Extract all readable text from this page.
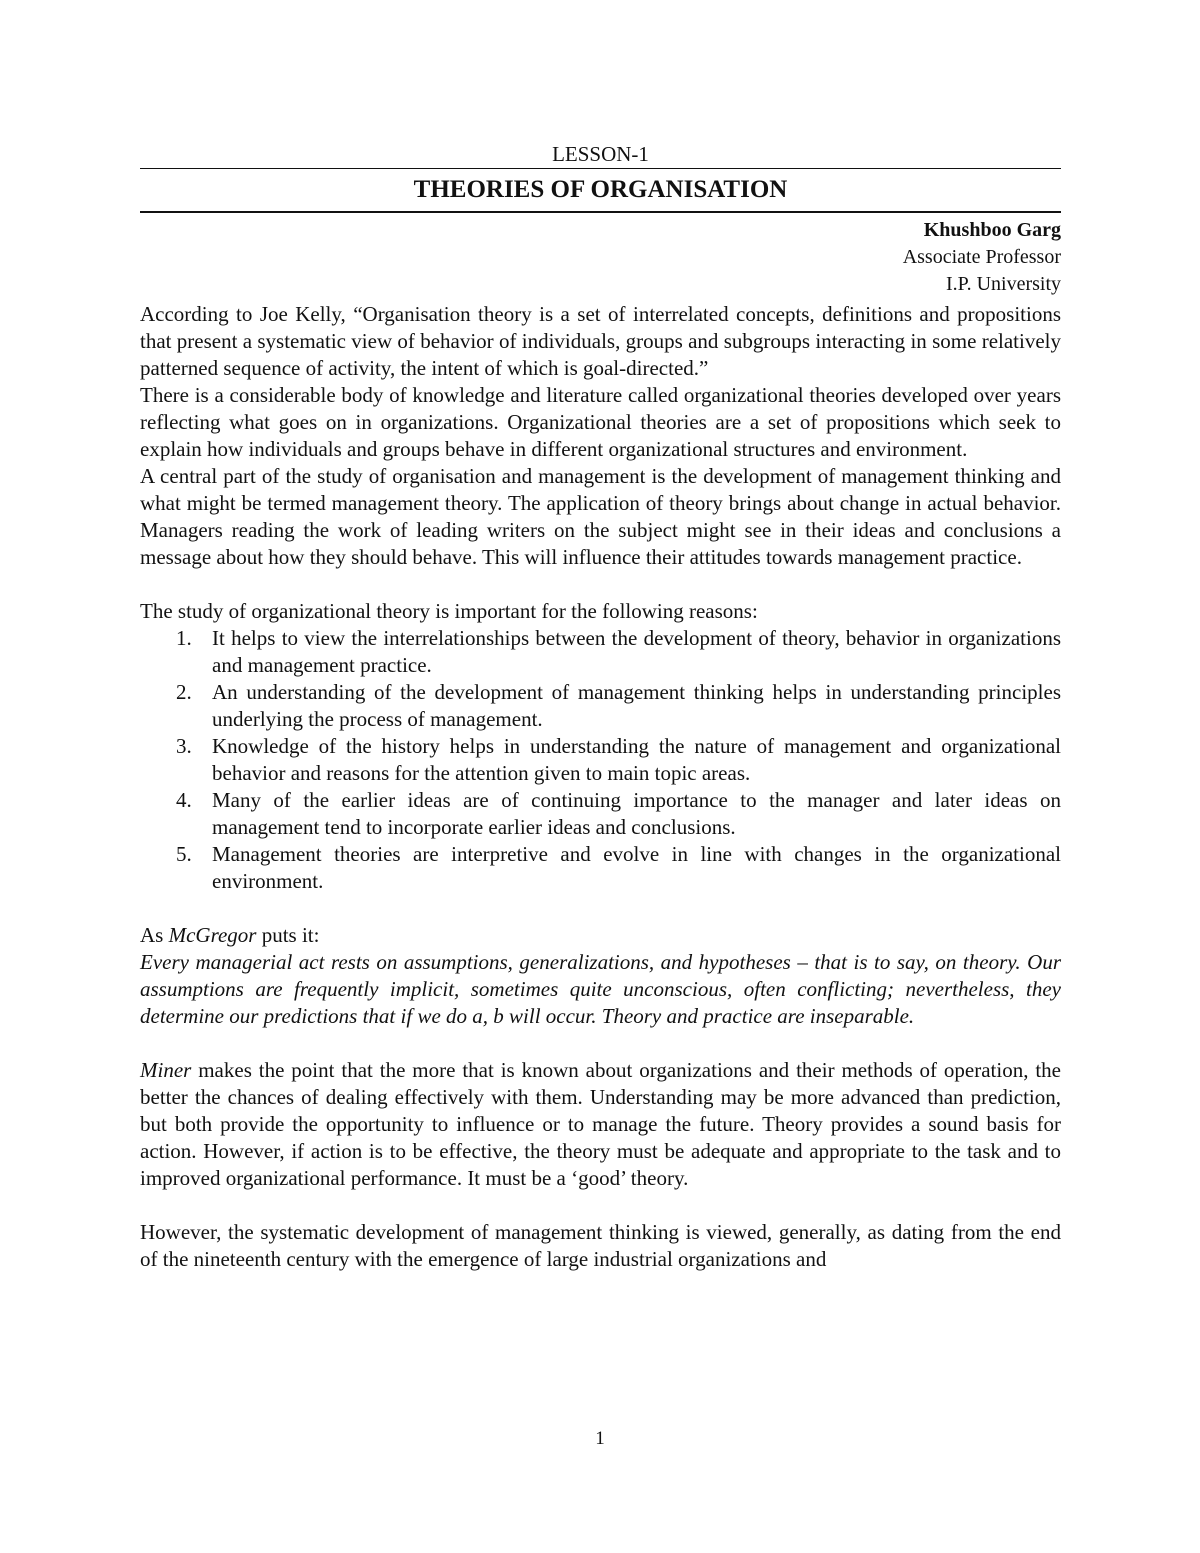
LESSON-1
THEORIES OF ORGANISATION
Khushboo Garg
Associate Professor
I.P. University

According to Joe Kelly, “Organisation theory is a set of interrelated concepts, definitions and propositions that present a systematic view of behavior of individuals, groups and subgroups interacting in some relatively patterned sequence of activity, the intent of which is goal-directed.”

There is a considerable body of knowledge and literature called organizational theories developed over years reflecting what goes on in organizations. Organizational theories are a set of propositions which seek to explain how individuals and groups behave in different organizational structures and environment.

A central part of the study of organisation and management is the development of management thinking and what might be termed management theory. The application of theory brings about change in actual behavior. Managers reading the work of leading writers on the subject might see in their ideas and conclusions a message about how they should behave. This will influence their attitudes towards management practice.

The study of organizational theory is important for the following reasons:

1. It helps to view the interrelationships between the development of theory, behavior in organizations and management practice.
2. An understanding of the development of management thinking helps in understanding principles underlying the process of management.
3. Knowledge of the history helps in understanding the nature of management and organizational behavior and reasons for the attention given to main topic areas.
4. Many of the earlier ideas are of continuing importance to the manager and later ideas on management tend to incorporate earlier ideas and conclusions.
5. Management theories are interpretive and evolve in line with changes in the organizational environment.

As McGregor puts it:

Every managerial act rests on assumptions, generalizations, and hypotheses – that is to say, on theory. Our assumptions are frequently implicit, sometimes quite unconscious, often conflicting; nevertheless, they determine our predictions that if we do a, b will occur. Theory and practice are inseparable.

Miner makes the point that the more that is known about organizations and their methods of operation, the better the chances of dealing effectively with them. Understanding may be more advanced than prediction, but both provide the opportunity to influence or to manage the future. Theory provides a sound basis for action. However, if action is to be effective, the theory must be adequate and appropriate to the task and to improved organizational performance. It must be a ‘good’ theory.

However, the systematic development of management thinking is viewed, generally, as dating from the end of the nineteenth century with the emergence of large industrial organizations and

1
